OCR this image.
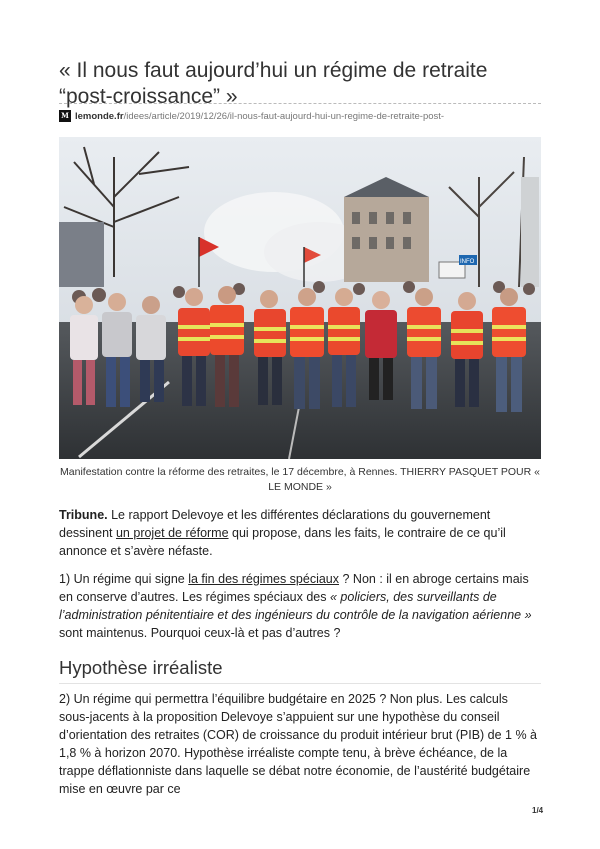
« Il nous faut aujourd’hui un régime de retraite “post-croissance” »
M lemonde.fr/idees/article/2019/12/26/il-nous-faut-aujourd-hui-un-regime-de-retraite-post-
INFO
Manifestation contre la réforme des retraites, le 17 décembre, à Rennes. THIERRY PASQUET POUR « LE MONDE »

Tribune. Le rapport Delevoye et les différentes déclarations du gouvernement dessinent un projet de réforme qui propose, dans les faits, le contraire de ce qu’il annonce et s’avère néfaste.

1) Un régime qui signe la fin des régimes spéciaux ? Non : il en abroge certains mais en conserve d’autres. Les régimes spéciaux des « policiers, des surveillants de l’administration pénitentiaire et des ingénieurs du contrôle de la navigation aérienne » sont maintenus. Pourquoi ceux-là et pas d’autres ?

Hypothèse irréaliste

2) Un régime qui permettra l’équilibre budgétaire en 2025 ? Non plus. Les calculs sous-jacents à la proposition Delevoye s’appuient sur une hypothèse du conseil d’orientation des retraites (COR) de croissance du produit intérieur brut (PIB) de 1 % à 1,8 % à horizon 2070. Hypothèse irréaliste compte tenu, à brève échéance, de la trappe déflationniste dans laquelle se débat notre économie, de l’austérité budgétaire mise en œuvre par ce

1/4
